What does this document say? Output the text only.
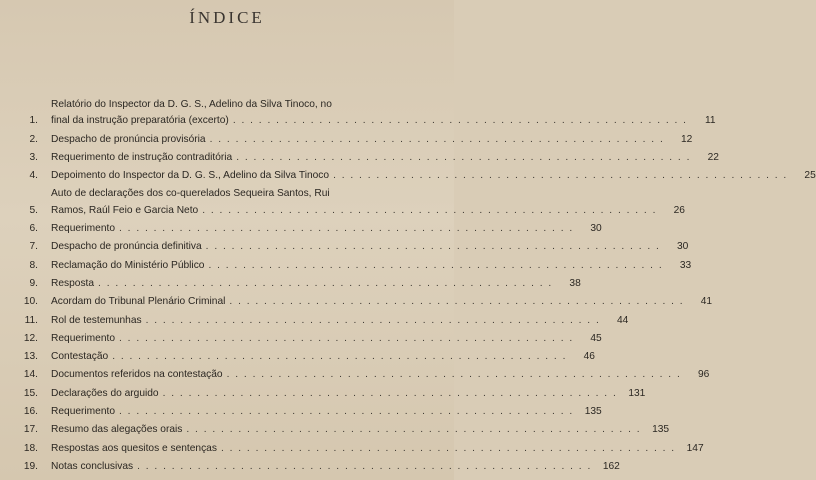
ÍNDICE
1.
Relatório do Inspector da D. G. S., Adelino da Silva Tinoco, no
final da instrução preparatória (excerto) . . . . . . . . . . . . . . . . . . . . . . . . . . . . . . . . . . . . . . . . . . . . . . . . . . . . .	11
2. Despacho de pronúncia provisória . . . . . . . . . . . . . . . . . . . . . . . . . . . . . . . . . . . . . . . . . . . . . . . . . . . . .	12
3. Requerimento de instrução contraditória . . . . . . . . . . . . . . . . . . . . . . . . . . . . . . . . . . . . . . . . . . . . . . . . . . . . .	22
4. Depoimento do Inspector da D. G. S., Adelino da Silva Tinoco . . . . . . . . . . . . . . . . . . . . . . . . . . . . . . . . . . . . . . . . . . . . . . . . . . . . .	25
5.
Auto de declarações dos co-querelados Sequeira Santos, Rui
Ramos, Raúl Feio e Garcia Neto . . . . . . . . . . . . . . . . . . . . . . . . . . . . . . . . . . . . . . . . . . . . . . . . . . . . .	26
6. Requerimento . . . . . . . . . . . . . . . . . . . . . . . . . . . . . . . . . . . . . . . . . . . . . . . . . . . . .	30
7. Despacho de pronúncia definitiva . . . . . . . . . . . . . . . . . . . . . . . . . . . . . . . . . . . . . . . . . . . . . . . . . . . . .	30
8. Reclamação do Ministério Público . . . . . . . . . . . . . . . . . . . . . . . . . . . . . . . . . . . . . . . . . . . . . . . . . . . . .	33
9. Resposta . . . . . . . . . . . . . . . . . . . . . . . . . . . . . . . . . . . . . . . . . . . . . . . . . . . . .	38
10. Acordam do Tribunal Plenário Criminal . . . . . . . . . . . . . . . . . . . . . . . . . . . . . . . . . . . . . . . . . . . . . . . . . . . . .	41
11. Rol de testemunhas . . . . . . . . . . . . . . . . . . . . . . . . . . . . . . . . . . . . . . . . . . . . . . . . . . . . .	44
12. Requerimento . . . . . . . . . . . . . . . . . . . . . . . . . . . . . . . . . . . . . . . . . . . . . . . . . . . . .	45
13. Contestação . . . . . . . . . . . . . . . . . . . . . . . . . . . . . . . . . . . . . . . . . . . . . . . . . . . . .	46
14. Documentos referidos na contestação . . . . . . . . . . . . . . . . . . . . . . . . . . . . . . . . . . . . . . . . . . . . . . . . . . . . .	96
15. Declarações do arguido . . . . . . . . . . . . . . . . . . . . . . . . . . . . . . . . . . . . . . . . . . . . . . . . . . . . .	131
16. Requerimento . . . . . . . . . . . . . . . . . . . . . . . . . . . . . . . . . . . . . . . . . . . . . . . . . . . . .	135
17. Resumo das alegações orais . . . . . . . . . . . . . . . . . . . . . . . . . . . . . . . . . . . . . . . . . . . . . . . . . . . . .	135
18. Respostas aos quesitos e sentenças . . . . . . . . . . . . . . . . . . . . . . . . . . . . . . . . . . . . . . . . . . . . . . . . . . . . .	147
19. Notas conclusivas . . . . . . . . . . . . . . . . . . . . . . . . . . . . . . . . . . . . . . . . . . . . . . . . . . . . .	162
